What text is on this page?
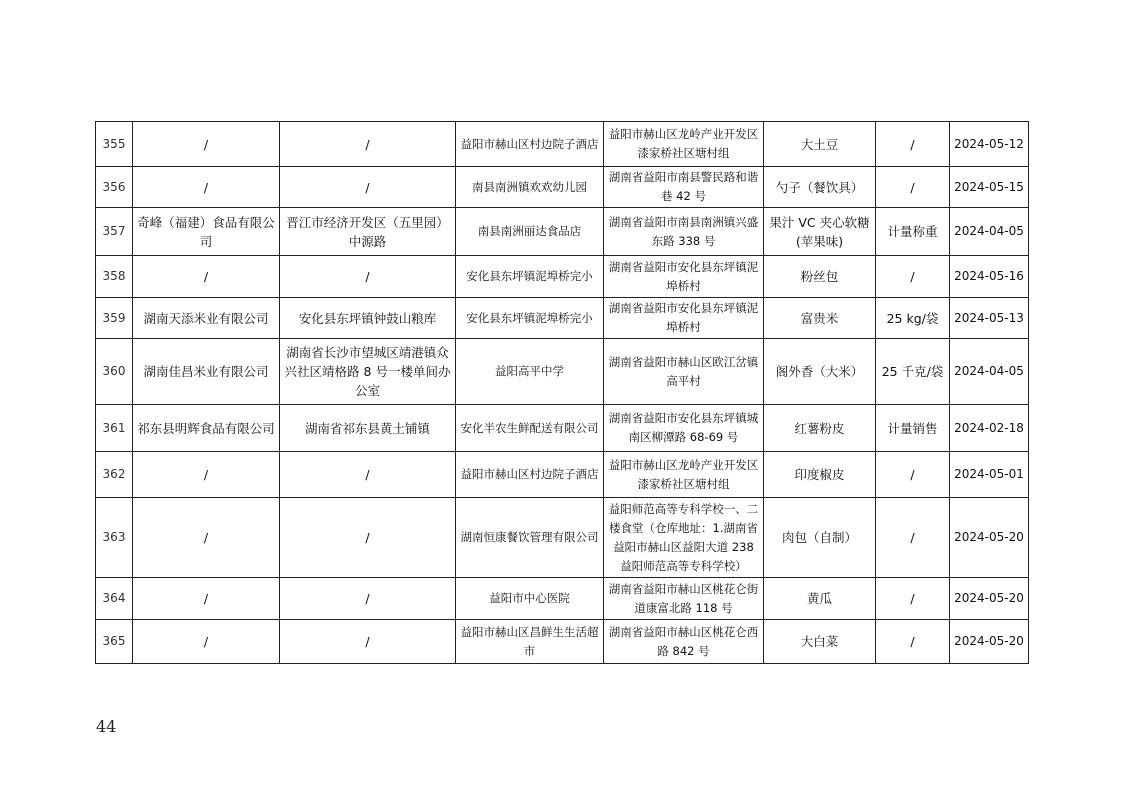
355	/	/	益阳市赫山区村边院子酒店	益阳市赫山区龙岭产业开发区漆家桥社区塘村组	大土豆	/	2024-05-12
356	/	/	南县南洲镇欢欢幼儿园	湖南省益阳市南县警民路和谐巷 42 号	勺子（餐饮具）	/	2024-05-15
357	奇峰（福建）食品有限公司	晋江市经济开发区（五里园）中源路	南县南洲丽达食品店	湖南省益阳市南县南洲镇兴盛东路 338 号	果汁 VC 夹心软糖(苹果味)	计量称重	2024-04-05
358	/	/	安化县东坪镇泥埠桥完小	湖南省益阳市安化县东坪镇泥埠桥村	粉丝包	/	2024-05-16
359	湖南天添米业有限公司	安化县东坪镇钟鼓山粮库	安化县东坪镇泥埠桥完小	湖南省益阳市安化县东坪镇泥埠桥村	富贵米	25 kg/袋	2024-05-13
360	湖南佳昌米业有限公司	湖南省长沙市望城区靖港镇众兴社区靖格路 8 号一楼单间办公室	益阳高平中学	湖南省益阳市赫山区欧江岔镇高平村	阁外香（大米）	25 千克/袋	2024-04-05
361	祁东县明辉食品有限公司	湖南省祁东县黄土铺镇	安化半农生鲜配送有限公司	湖南省益阳市安化县东坪镇城南区柳潭路 68-69 号	红薯粉皮	计量销售	2024-02-18
362	/	/	益阳市赫山区村边院子酒店	益阳市赫山区龙岭产业开发区漆家桥社区塘村组	印度椒皮	/	2024-05-01
363	/	/	湖南恒康餐饮管理有限公司	益阳师范高等专科学校一、二楼食堂（仓库地址：1.湖南省益阳市赫山区益阳大道 238 益阳师范高等专科学校）	肉包（自制）	/	2024-05-20
364	/	/	益阳市中心医院	湖南省益阳市赫山区桃花仑街道康富北路 118 号	黄瓜	/	2024-05-20
365	/	/	益阳市赫山区昌鲜生生活超市	湖南省益阳市赫山区桃花仑西路 842 号	大白菜	/	2024-05-20
44
